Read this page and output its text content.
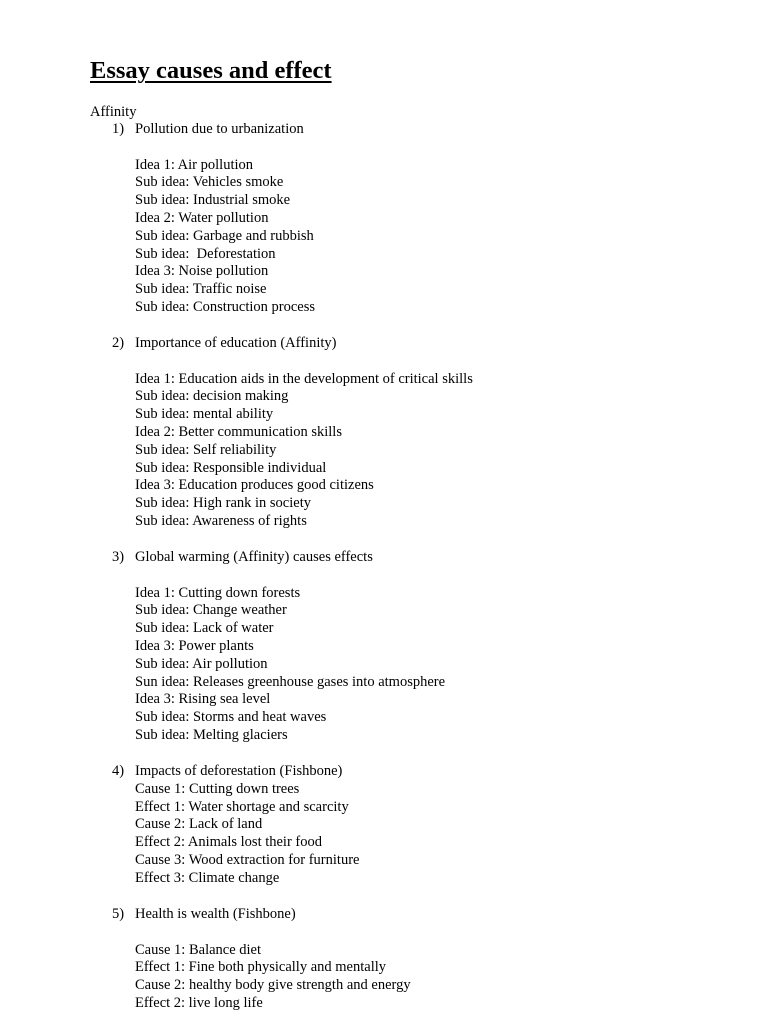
Essay causes and effect
Affinity
1) Pollution due to urbanization
Idea 1: Air pollution
Sub idea: Vehicles smoke
Sub idea: Industrial smoke
Idea 2: Water pollution
Sub idea: Garbage and rubbish
Sub idea:  Deforestation
Idea 3: Noise pollution
Sub idea: Traffic noise
Sub idea: Construction process
2) Importance of education (Affinity)
Idea 1: Education aids in the development of critical skills
Sub idea: decision making
Sub idea: mental ability
Idea 2: Better communication skills
Sub idea: Self reliability
Sub idea: Responsible individual
Idea 3: Education produces good citizens
Sub idea: High rank in society
Sub idea: Awareness of rights
3) Global warming (Affinity) causes effects
Idea 1: Cutting down forests
Sub idea: Change weather
Sub idea: Lack of water
Idea 3: Power plants
Sub idea: Air pollution
Sun idea: Releases greenhouse gases into atmosphere
Idea 3: Rising sea level
Sub idea: Storms and heat waves
Sub idea: Melting glaciers
4) Impacts of deforestation (Fishbone)
Cause 1: Cutting down trees
Effect 1: Water shortage and scarcity
Cause 2: Lack of land
Effect 2: Animals lost their food
Cause 3: Wood extraction for furniture
Effect 3: Climate change
5) Health is wealth (Fishbone)
Cause 1: Balance diet
Effect 1: Fine both physically and mentally
Cause 2: healthy body give strength and energy
Effect 2: live long life
